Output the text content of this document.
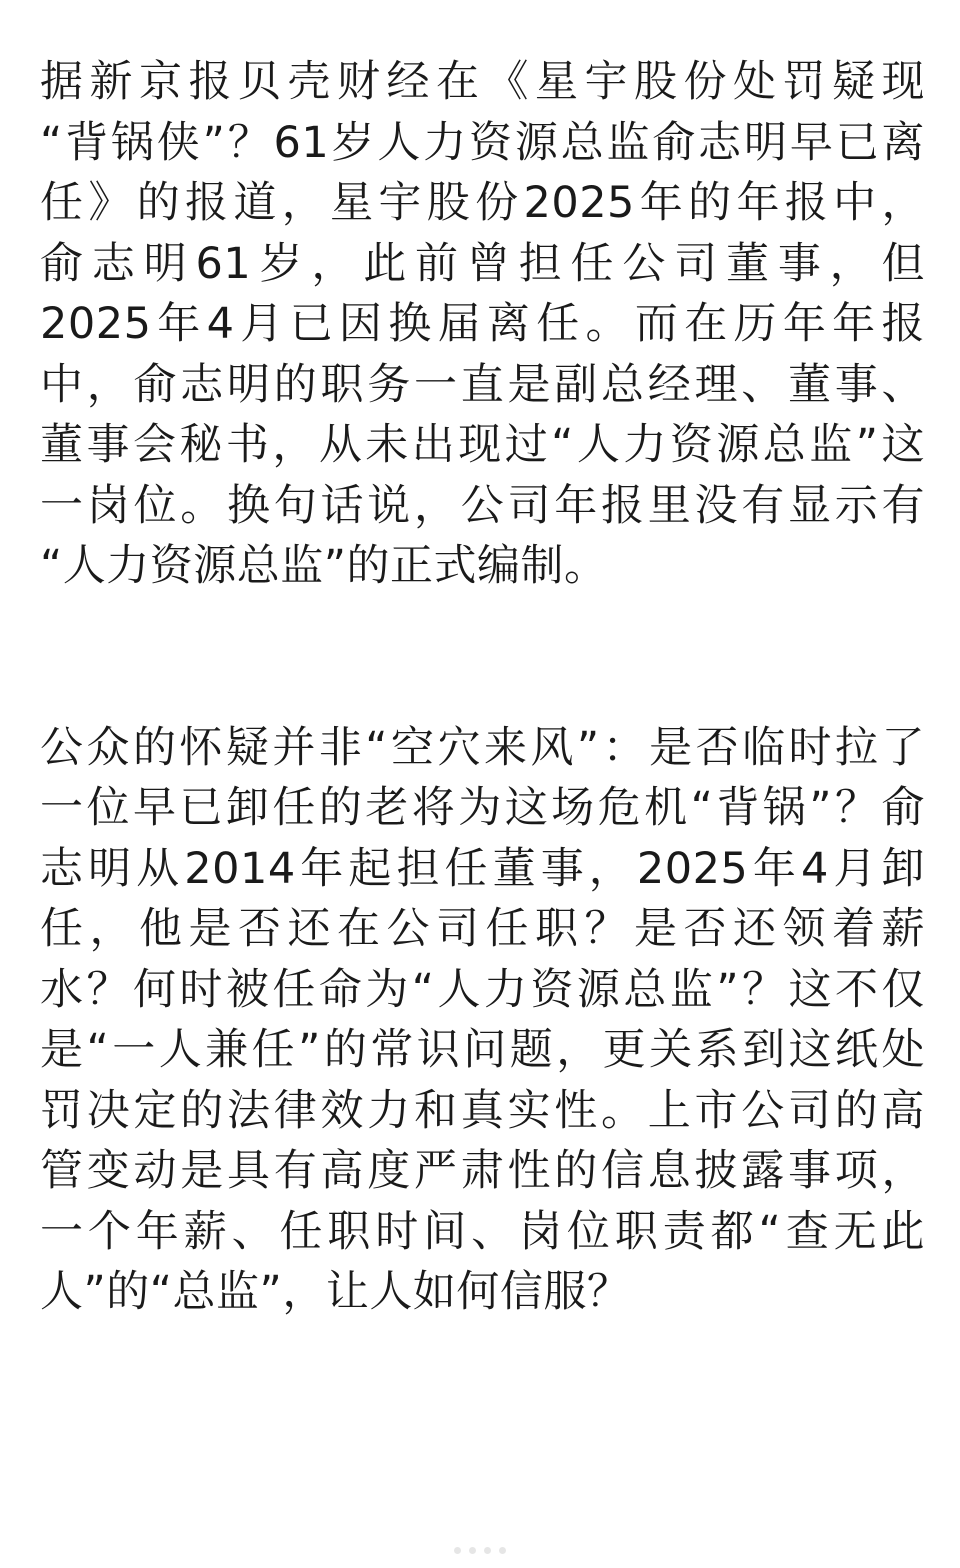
据新京报贝壳财经在《星宇股份处罚疑现
“背锅侠”？61岁人力资源总监俞志明早已离
任》的报道，星宇股份2025年的年报中，
俞志明61岁，此前曾担任公司董事，但
2025年4月已因换届离任。而在历年年报
中，俞志明的职务一直是副总经理、董事、
董事会秘书，从未出现过“人力资源总监”这
一岗位。换句话说，公司年报里没有显示有
“人力资源总监”的正式编制。
公众的怀疑并非“空穴来风”：是否临时拉了
一位早已卸任的老将为这场危机“背锅”？俞
志明从2014年起担任董事，2025年4月卸
任，他是否还在公司任职？是否还领着薪
水？何时被任命为“人力资源总监”？这不仅
是“一人兼任”的常识问题，更关系到这纸处
罚决定的法律效力和真实性。上市公司的高
管变动是具有高度严肃性的信息披露事项，
一个年薪、任职时间、岗位职责都“查无此
人”的“总监”，让人如何信服？
